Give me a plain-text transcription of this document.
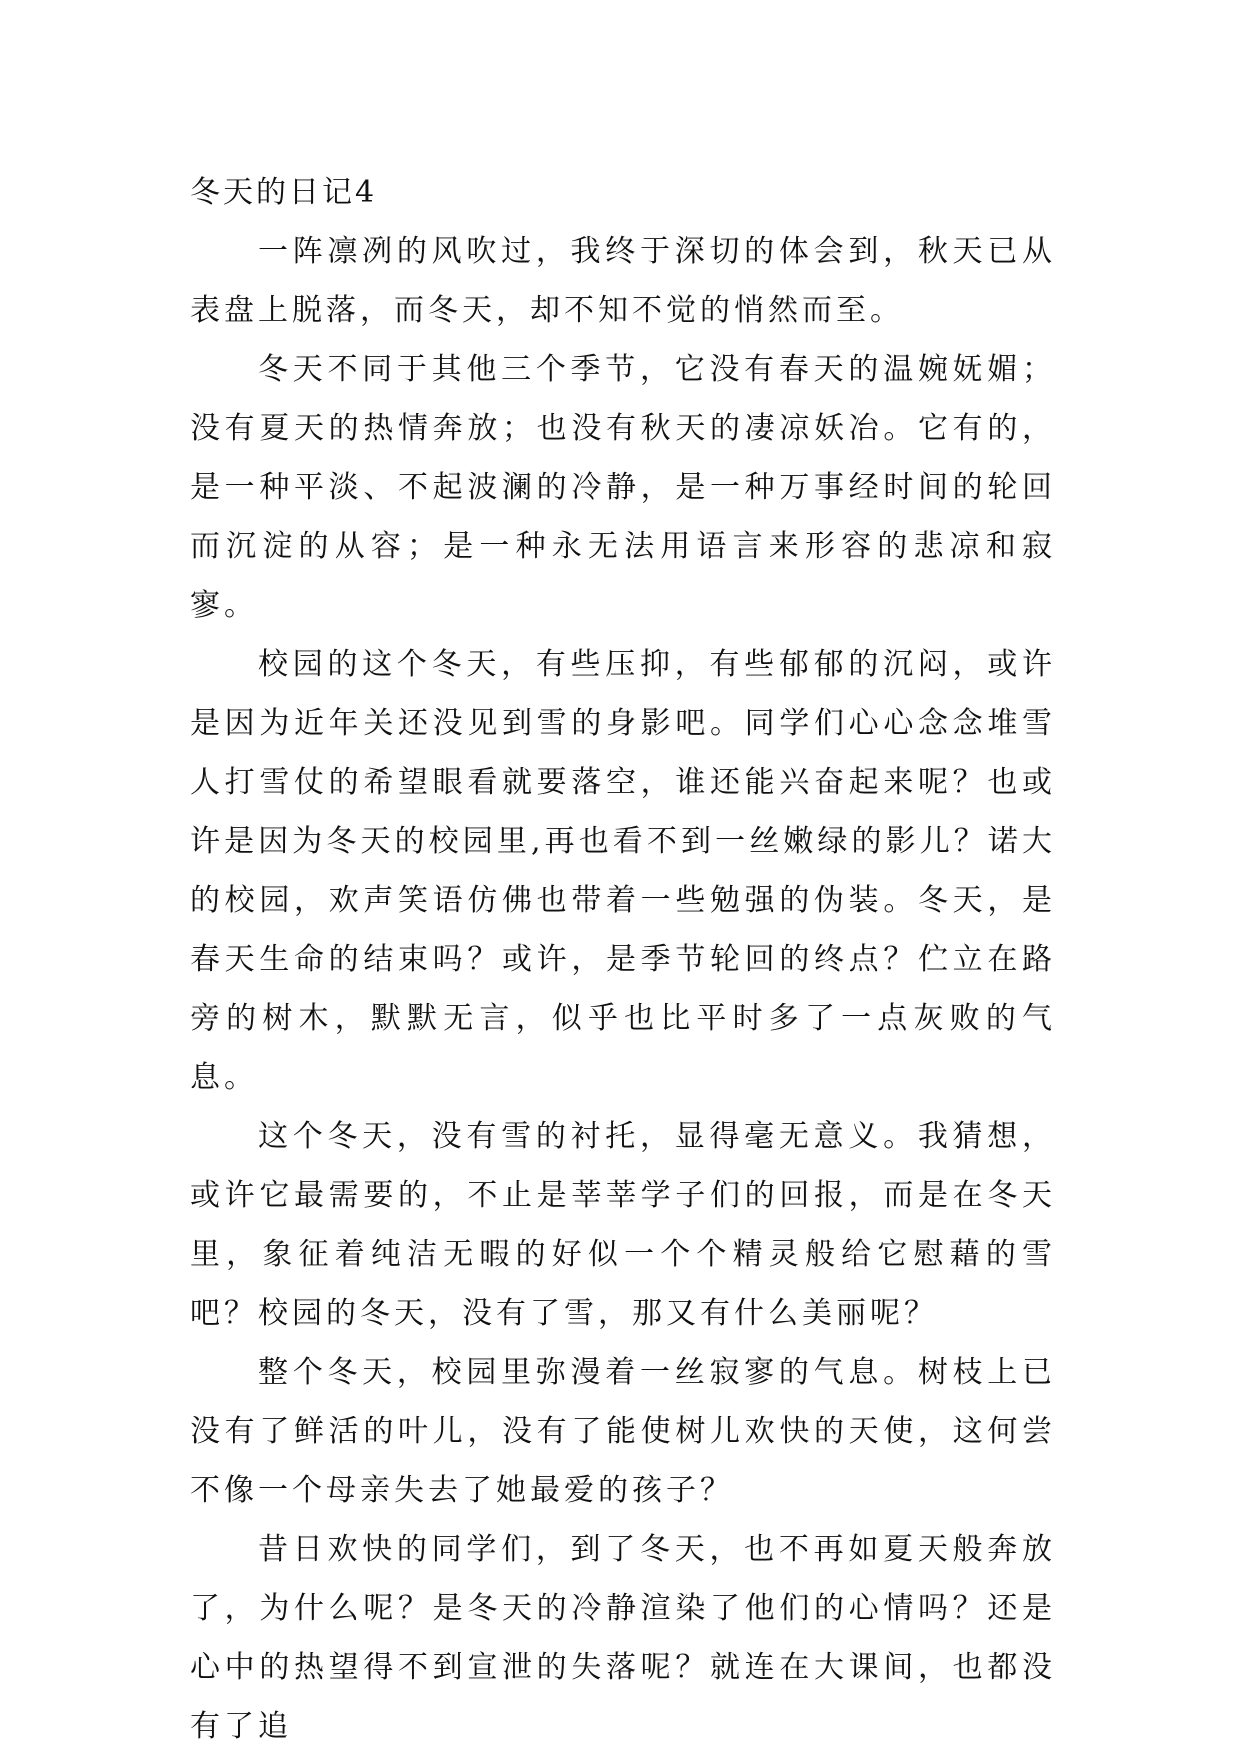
冬天的日记4

一阵凛冽的风吹过，我终于深切的体会到，秋天已从表盘上脱落，而冬天，却不知不觉的悄然而至。

冬天不同于其他三个季节，它没有春天的温婉妩媚；没有夏天的热情奔放；也没有秋天的凄凉妖冶。它有的，是一种平淡、不起波澜的冷静，是一种万事经时间的轮回而沉淀的从容；是一种永无法用语言来形容的悲凉和寂寥。

校园的这个冬天，有些压抑，有些郁郁的沉闷，或许是因为近年关还没见到雪的身影吧。同学们心心念念堆雪人打雪仗的希望眼看就要落空，谁还能兴奋起来呢？也或许是因为冬天的校园里,再也看不到一丝嫩绿的影儿？诺大的校园，欢声笑语仿佛也带着一些勉强的伪装。冬天，是春天生命的结束吗？或许，是季节轮回的终点？伫立在路旁的树木，默默无言，似乎也比平时多了一点灰败的气息。

这个冬天，没有雪的衬托，显得毫无意义。我猜想，或许它最需要的，不止是莘莘学子们的回报，而是在冬天里，象征着纯洁无暇的好似一个个精灵般给它慰藉的雪吧？校园的冬天，没有了雪，那又有什么美丽呢？

整个冬天，校园里弥漫着一丝寂寥的气息。树枝上已没有了鲜活的叶儿，没有了能使树儿欢快的天使，这何尝不像一个母亲失去了她最爱的孩子？

昔日欢快的同学们，到了冬天，也不再如夏天般奔放了，为什么呢？是冬天的冷静渲染了他们的心情吗？还是心中的热望得不到宣泄的失落呢？就连在大课间，也都没有了追
